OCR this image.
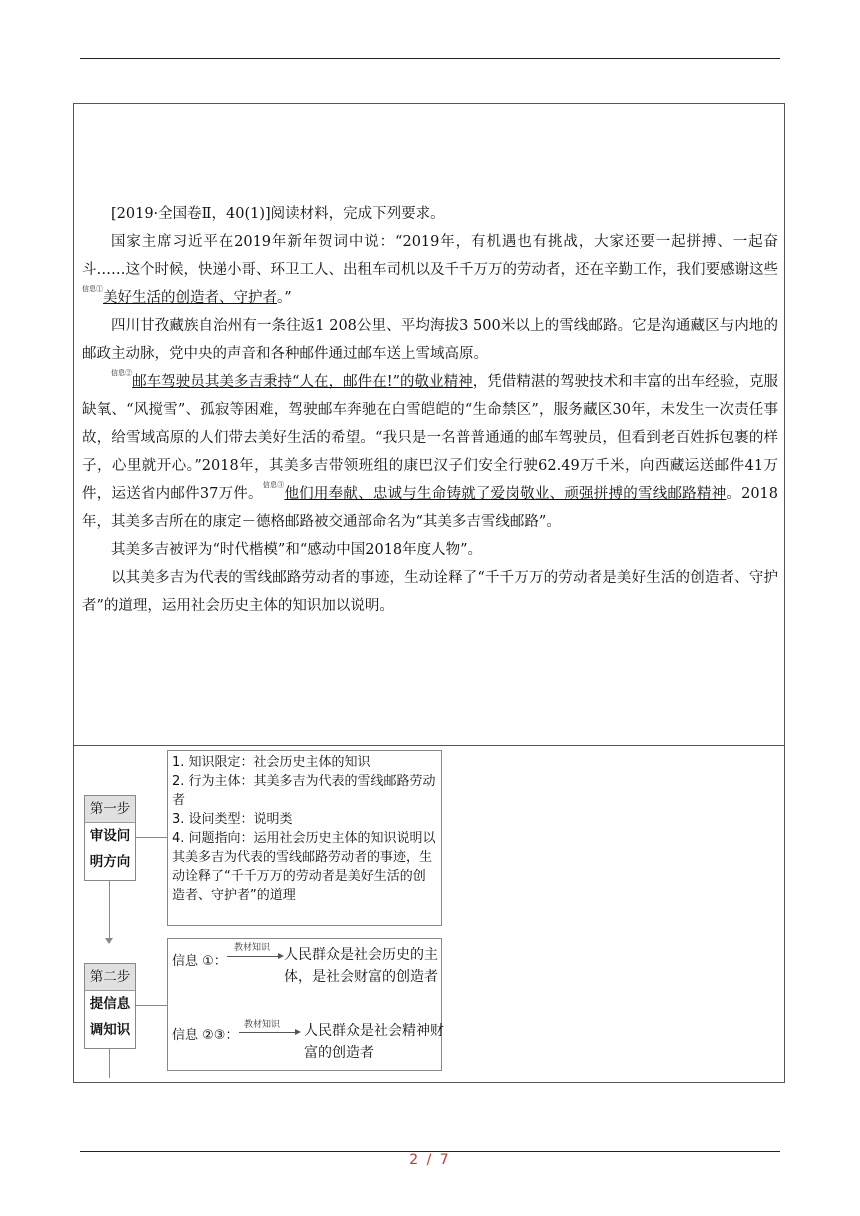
[2019·全国卷Ⅱ，40(1)]阅读材料，完成下列要求。

国家主席习近平在2019年新年贺词中说：“2019年，有机遇也有挑战，大家还要一起拼搏、一起奋斗……这个时候，快递小哥、环卫工人、出租车司机以及千千万万的劳动者，还在辛勤工作，我们要感谢这些$^{信息①}$美好生活的创造者、守护者。”

四川甘孜藏族自治州有一条往返1 208公里、平均海拔3 500米以上的雪线邮路。它是沟通藏区与内地的邮政主动脉，党中央的声音和各种邮件通过邮车送上雪域高原。

$^{信息②}$邮车驾驶员其美多吉秉持“人在，邮件在!”的敬业精神，凭借精湛的驾驶技术和丰富的出车经验，克服缺氧、“风搅雪”、孤寂等困难，驾驶邮车奔驰在白雪皑皑的“生命禁区”，服务藏区30年，未发生一次责任事故，给雪域高原的人们带去美好生活的希望。“我只是一名普普通通的邮车驾驶员，但看到老百姓拆包裹的样子，心里就开心。”2018年，其美多吉带领班组的康巴汉子们安全行驶62.49万千米，向西藏运送邮件41万件，运送省内邮件37万件。$^{信息③}$他们用奉献、忠诚与生命铸就了爱岗敬业、顽强拼搏的雪线邮路精神。2018年，其美多吉所在的康定－德格邮路被交通部命名为“其美多吉雪线邮路”。

其美多吉被评为“时代楷模”和“感动中国2018年度人物”。

以其美多吉为代表的雪线邮路劳动者的事迹，生动诠释了“千千万万的劳动者是美好生活的创造者、守护者”的道理，运用社会历史主体的知识加以说明。

第一步
审设问
明方向
1. 知识限定：社会历史主体的知识
2. 行为主体：其美多吉为代表的雪线邮路劳动者
3. 设问类型：说明类
4. 问题指向：运用社会历史主体的知识说明以其美多吉为代表的雪线邮路劳动者的事迹，生动诠释了“千千万万的劳动者是美好生活的创造者、守护者”的道理
第二步
提信息
调知识
信息 ①：
教材知识 人民群众是社会历史的主体，是社会财富的创造者
信息 ②③：
教材知识 人民群众是社会精神财富的创造者
2 / 7
